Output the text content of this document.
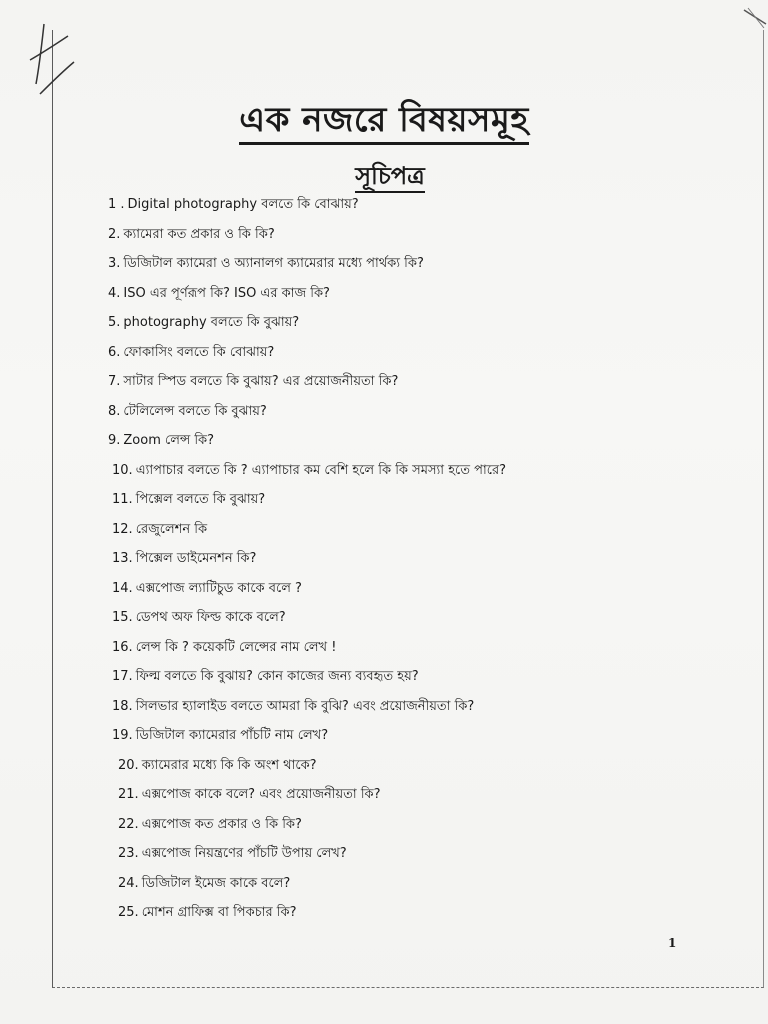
এক নজরে বিষয়সমূহ
সূচিপত্র
1 . Digital photography বলতে কি বোঝায়?
2. ক্যামেরা কত প্রকার ও কি কি?
3. ডিজিটাল ক্যামেরা ও অ্যানালগ ক্যামেরার মধ্যে পার্থক্য কি?
4. ISO এর পূর্ণরূপ কি? ISO এর কাজ কি?
5. photography বলতে কি বুঝায়?
6. ফোকাসিং বলতে কি বোঝায়?
7. সাটার স্পিড বলতে কি বুঝায়? এর প্রয়োজনীয়তা কি?
8. টেলিলেন্স বলতে কি বুঝায়?
9. Zoom লেন্স কি?
10. এ্যাপাচার বলতে কি ? এ্যাপাচার কম বেশি হলে কি কি সমস্যা হতে পারে?
11. পিক্সেল বলতে কি বুঝায়?
12. রেজুলেশন কি
13. পিক্সেল ডাইমেনশন কি?
14. এক্সপোজ ল্যাটিচুড কাকে বলে ?
15. ডেপথ অফ ফিল্ড কাকে বলে?
16. লেন্স কি ? কয়েকটি লেন্সের নাম লেখ !
17. ফিল্ম বলতে কি বুঝায়? কোন কাজের জন্য ব্যবহৃত হয়?
18. সিলভার হ্যালাইড বলতে আমরা কি বুঝি? এবং প্রয়োজনীয়তা কি?
19. ডিজিটাল ক্যামেরার পাঁচটি নাম লেখ?
20. ক্যামেরার মধ্যে কি কি অংশ থাকে?
21. এক্সপোজ কাকে বলে? এবং প্রয়োজনীয়তা কি?
22. এক্সপোজ কত প্রকার ও কি কি?
23. এক্সপোজ নিয়ন্ত্রণের পাঁচটি উপায় লেখ?
24. ডিজিটাল ইমেজ কাকে বলে?
25. মোশন গ্রাফিক্স বা পিকচার কি?
1
